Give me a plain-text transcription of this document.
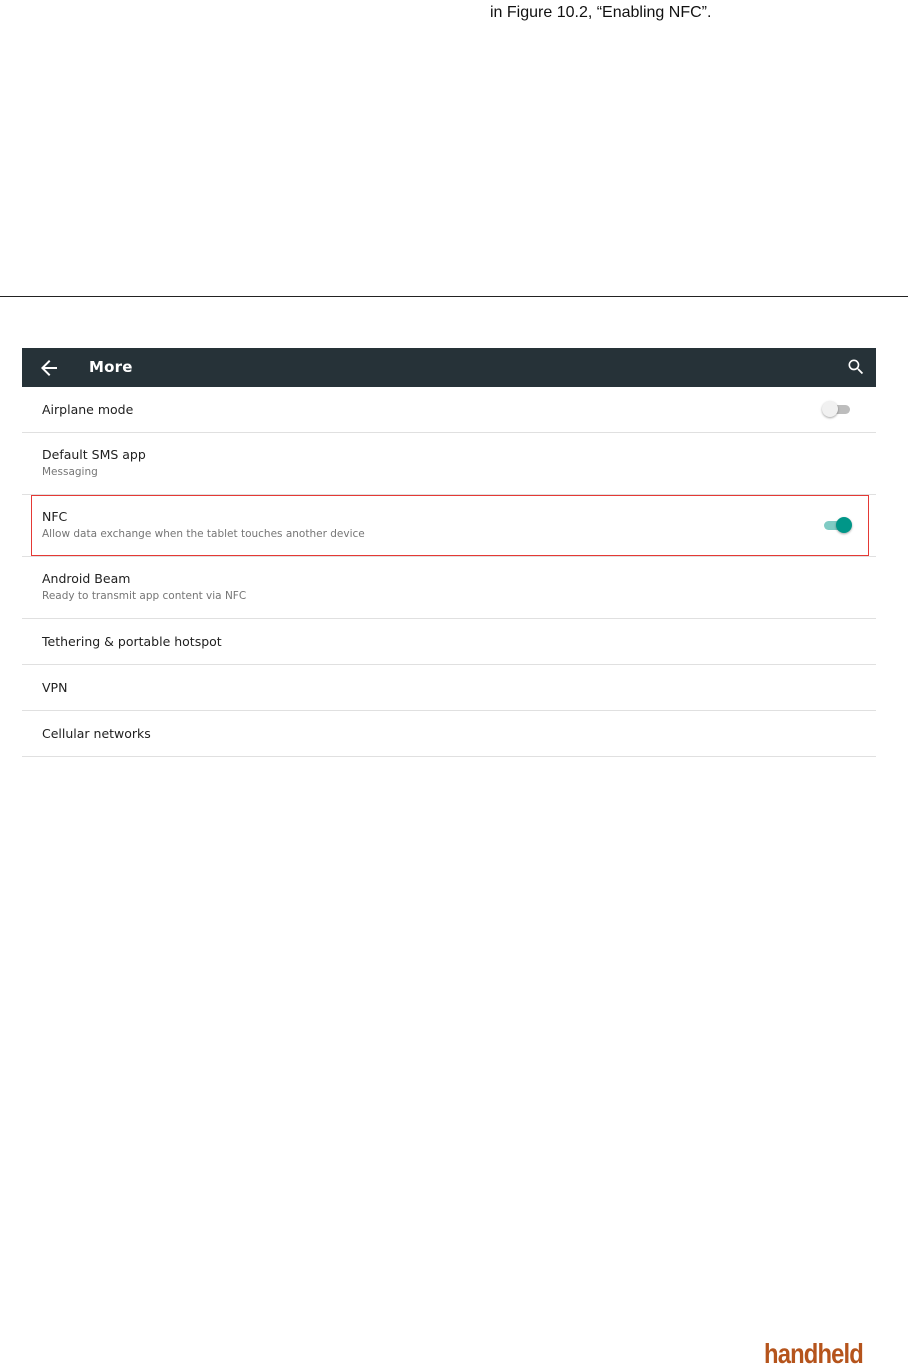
in Figure 10.2, “Enabling NFC”.
More
Airplane mode
Default SMS app
Messaging
NFC
Allow data exchange when the tablet touches another device
Android Beam
Ready to transmit app content via NFC
Tethering & portable hotspot
VPN
Cellular networks
handheld
